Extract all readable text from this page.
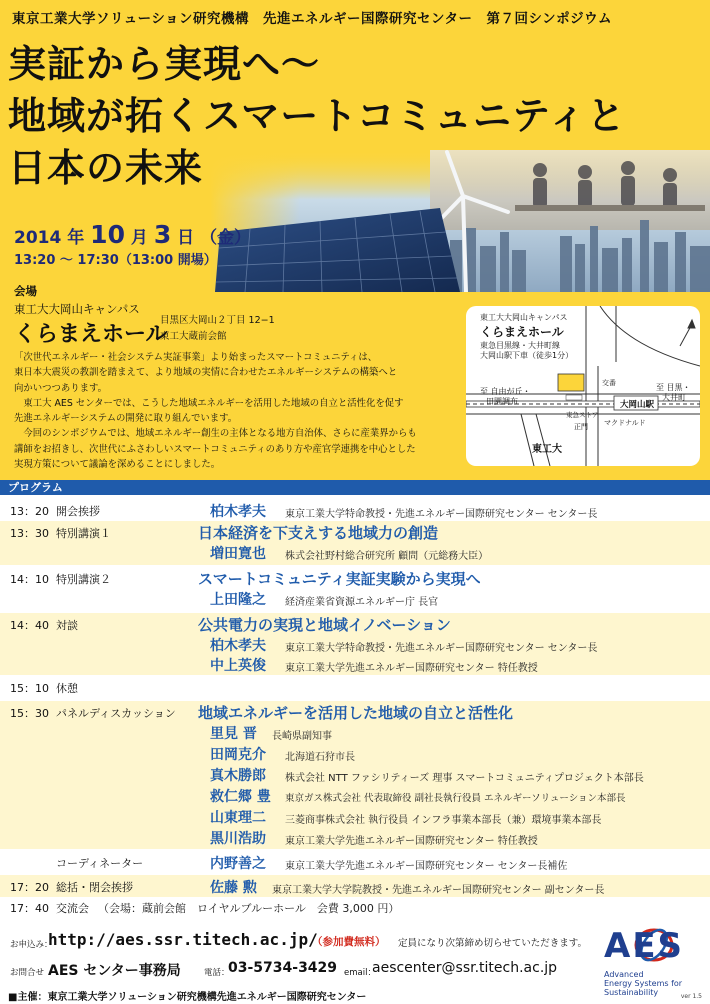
東京工業大学ソリューション研究機構　先進エネルギー国際研究センター　第７回シンポジウム
実証から実現へ〜
地域が拓くスマートコミュニティと
日本の未来
2014 年 10 月 3 日 （金）
13:20 〜 17:30（13:00 開場）
会場
東工大大岡山キャンパス
くらまえホール
目黒区大岡山２丁目 12−1
東工大蔵前会館

「次世代エネルギー・社会システム実証事業」より始まったスマートコミュニティは、

東日本大震災の教訓を踏まえて、より地域の実情に合わせたエネルギーシステムの構築へと

向かいつつあります。

　東工大 AES センターでは、こうした地域エネルギーを活用した地域の自立と活性化を促す

先進エネルギーシステムの開発に取り組んでいます。

　今回のシンポジウムでは、地域エネルギー創生の主体となる地方自治体、さらに産業界からも

講師をお招きし、次世代にふさわしいスマートコミュニティのあり方や産官学連携を中心とした

実現方策について議論を深めることにしました。

東工大大岡山キャンパス
くらまえホール
東急目黒線・大井町線
大岡山駅下車（徒歩1分）
至 自由が丘・
田園調布
至 目黒・
大井町
交番
東急ストア
大岡山駅
正門 マクドナルド
東工大
プログラム
13：20 開会挨拶	柏木孝夫 東京工業大学特命教授・先進エネルギー国際研究センター センター長
13：30 特別講演１	日本経済を下支えする地域力の創造
増田寛也 株式会社野村総合研究所 顧問（元総務大臣）
14：10 特別講演２	スマートコミュニティ実証実験から実現へ
上田隆之 経済産業省資源エネルギー庁 長官
14：40 対談	公共電力の実現と地域イノベーション
柏木孝夫 東京工業大学特命教授・先進エネルギー国際研究センター センター長
中上英俊 東京工業大学先進エネルギー国際研究センター 特任教授
15：10 休憩
15：30 パネルディスカッション 地域エネルギーを活用した地域の自立と活性化
里見 晋 長崎県副知事
田岡克介 北海道石狩市長
真木勝郎 株式会社 NTT ファシリティーズ 理事 スマートコミュニティプロジェクト本部長
救仁郷 豊 東京ガス株式会社 代表取締役 副社長執行役員 エネルギーソリューション本部長
山東理二 三菱商事株式会社 執行役員 インフラ事業本部長（兼）環境事業本部長
黒川浩助 東京工業大学先進エネルギー国際研究センター 特任教授
コーディネーター	内野善之 東京工業大学先進エネルギー国際研究センター センター長補佐
17：20 総括・閉会挨拶	佐藤 勲 東京工業大学大学院教授・先進エネルギー国際研究センター 副センター長
17：40 交流会 （会場：蔵前会館　ロイヤルブルーホール　会費 3,000 円）
お申込み：
http://aes.ssr.titech.ac.jp/
（参加費無料） 定員になり次第締め切らせていただきます。
お問合せ AES センター事務局	電話：
03-5734-3429 email：
aescenter@ssr.titech.ac.jp
■主催：東京工業大学ソリューション研究機構先進エネルギー国際研究センター
AES
Advanced
Energy Systems for
Sustainability	ver 1.5
